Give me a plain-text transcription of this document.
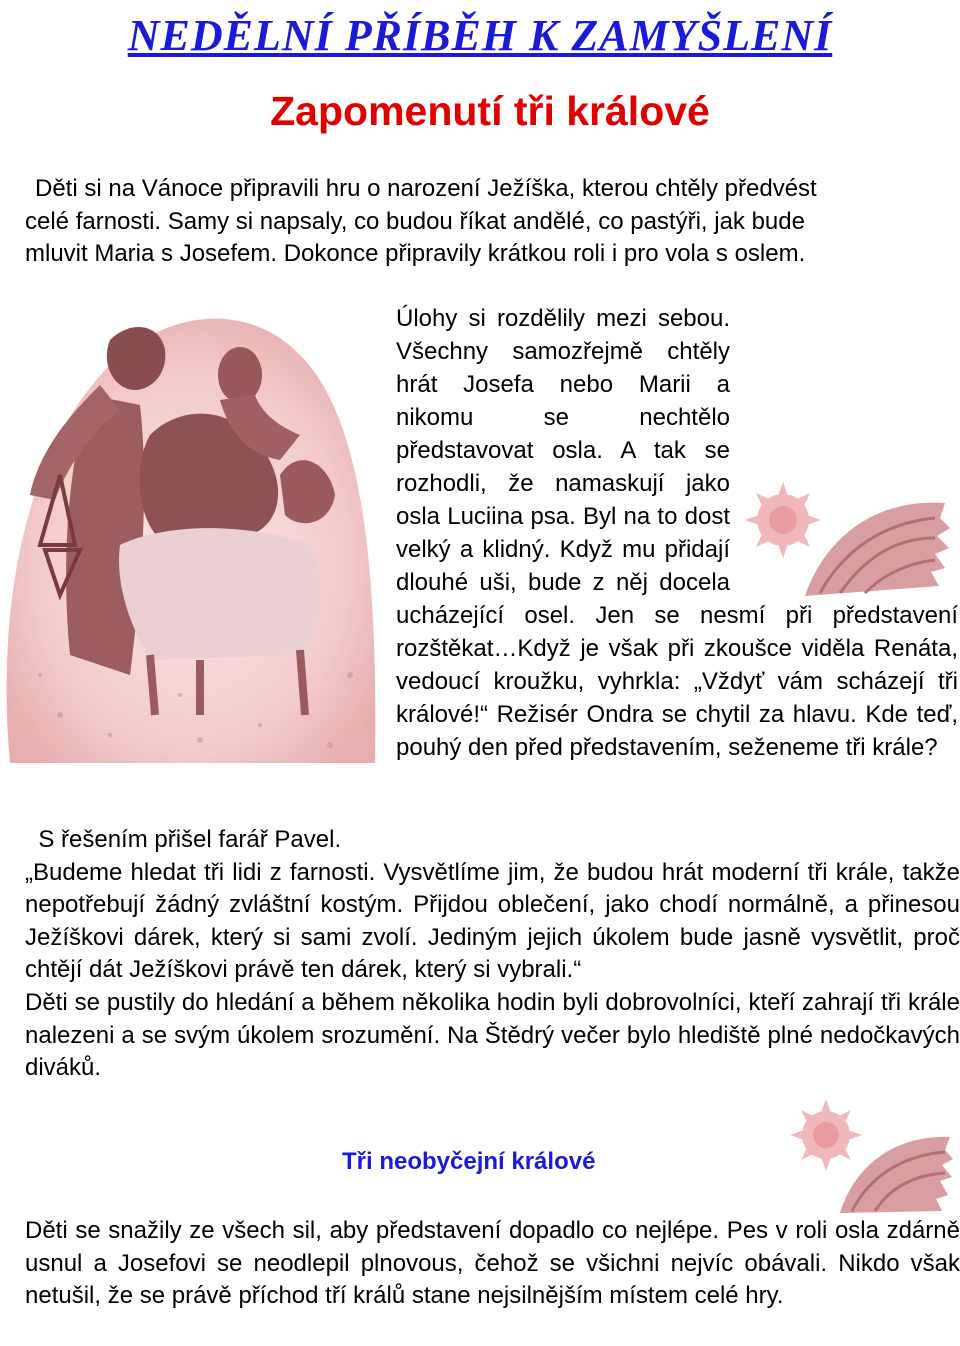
NEDĚLNÍ PŘÍBĚH K ZAMYŠLENÍ
Zapomenutí tři králové

Děti si na Vánoce připravili hru o narození Ježíška, kterou chtěly předvést

celé farnosti. Samy si napsaly, co budou říkat andělé, co pastýři, jak bude

mluvit Maria s Josefem. Dokonce připravily krátkou roli i pro vola s oslem.

Úlohy si rozdělily mezi sebou. Všechny samozřejmě chtěly hrát Josefa nebo Marii a nikomu se nechtělo představovat osla. A tak se rozhodli, že namaskují jako osla Luciina psa. Byl na to dost velký a klidný. Když mu přidají dlouhé uši, bude z něj docela ucházející osel. Jen se nesmí při představení rozštěkat…Když je však při zkoušce viděla Renáta, vedoucí kroužku, vyhrkla: „Vždyť vám scházejí tři králové!“ Režisér Ondra se chytil za hlavu. Kde teď, pouhý den před představením, seženeme tři krále?

S řešením přišel farář Pavel.

„Budeme hledat tři lidi z farnosti. Vysvětlíme jim, že budou hrát moderní tři krále, takže nepotřebují žádný zvláštní kostým. Přijdou oblečení, jako chodí normálně, a přinesou Ježíškovi dárek, který si sami zvolí. Jediným jejich úkolem bude jasně vysvětlit, proč chtějí dát Ježíškovi právě ten dárek, který si vybrali.“

Děti se pustily do hledání a během několika hodin byli dobrovolníci, kteří zahrají tři krále nalezeni a se svým úkolem srozumění. Na Štědrý večer bylo hlediště plné nedočkavých diváků.

Tři neobyčejní králové

Děti se snažily ze všech sil, aby představení dopadlo co nejlépe. Pes v roli osla zdárně usnul a Josefovi se neodlepil plnovous, čehož se všichni nejvíc obávali. Nikdo však netušil, že se právě příchod tří králů stane nejsilnějším místem celé hry.
